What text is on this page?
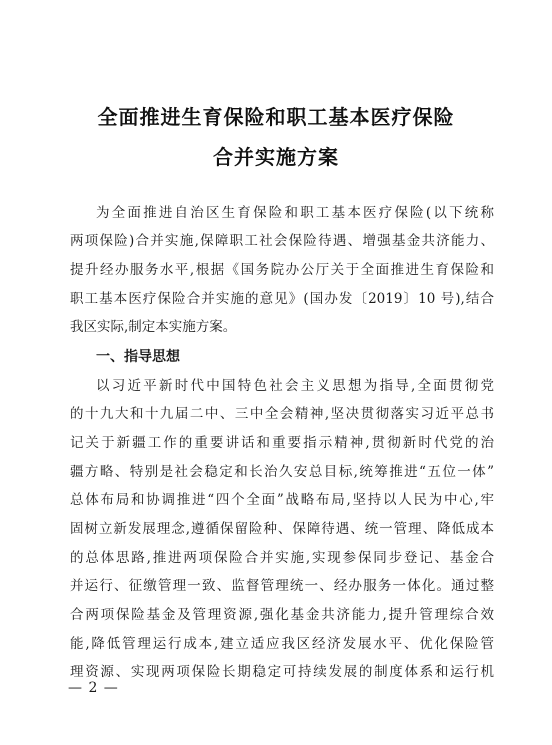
全面推进生育保险和职工基本医疗保险
合并实施方案
为全面推进自治区生育保险和职工基本医疗保险(以下统称
两项保险)合并实施,保障职工社会保险待遇、增强基金共济能力、
提升经办服务水平,根据《国务院办公厅关于全面推进生育保险和
职工基本医疗保险合并实施的意见》(国办发〔2019〕10 号),结合
我区实际,制定本实施方案。
一、指导思想
以习近平新时代中国特色社会主义思想为指导,全面贯彻党
的十九大和十九届二中、三中全会精神,坚决贯彻落实习近平总书
记关于新疆工作的重要讲话和重要指示精神,贯彻新时代党的治
疆方略、特别是社会稳定和长治久安总目标,统筹推进“五位一体”
总体布局和协调推进“四个全面”战略布局,坚持以人民为中心,牢
固树立新发展理念,遵循保留险种、保障待遇、统一管理、降低成本
的总体思路,推进两项保险合并实施,实现参保同步登记、基金合
并运行、征缴管理一致、监督管理统一、经办服务一体化。通过整
合两项保险基金及管理资源,强化基金共济能力,提升管理综合效
能,降低管理运行成本,建立适应我区经济发展水平、优化保险管
理资源、实现两项保险长期稳定可持续发展的制度体系和运行机
— 2 —
